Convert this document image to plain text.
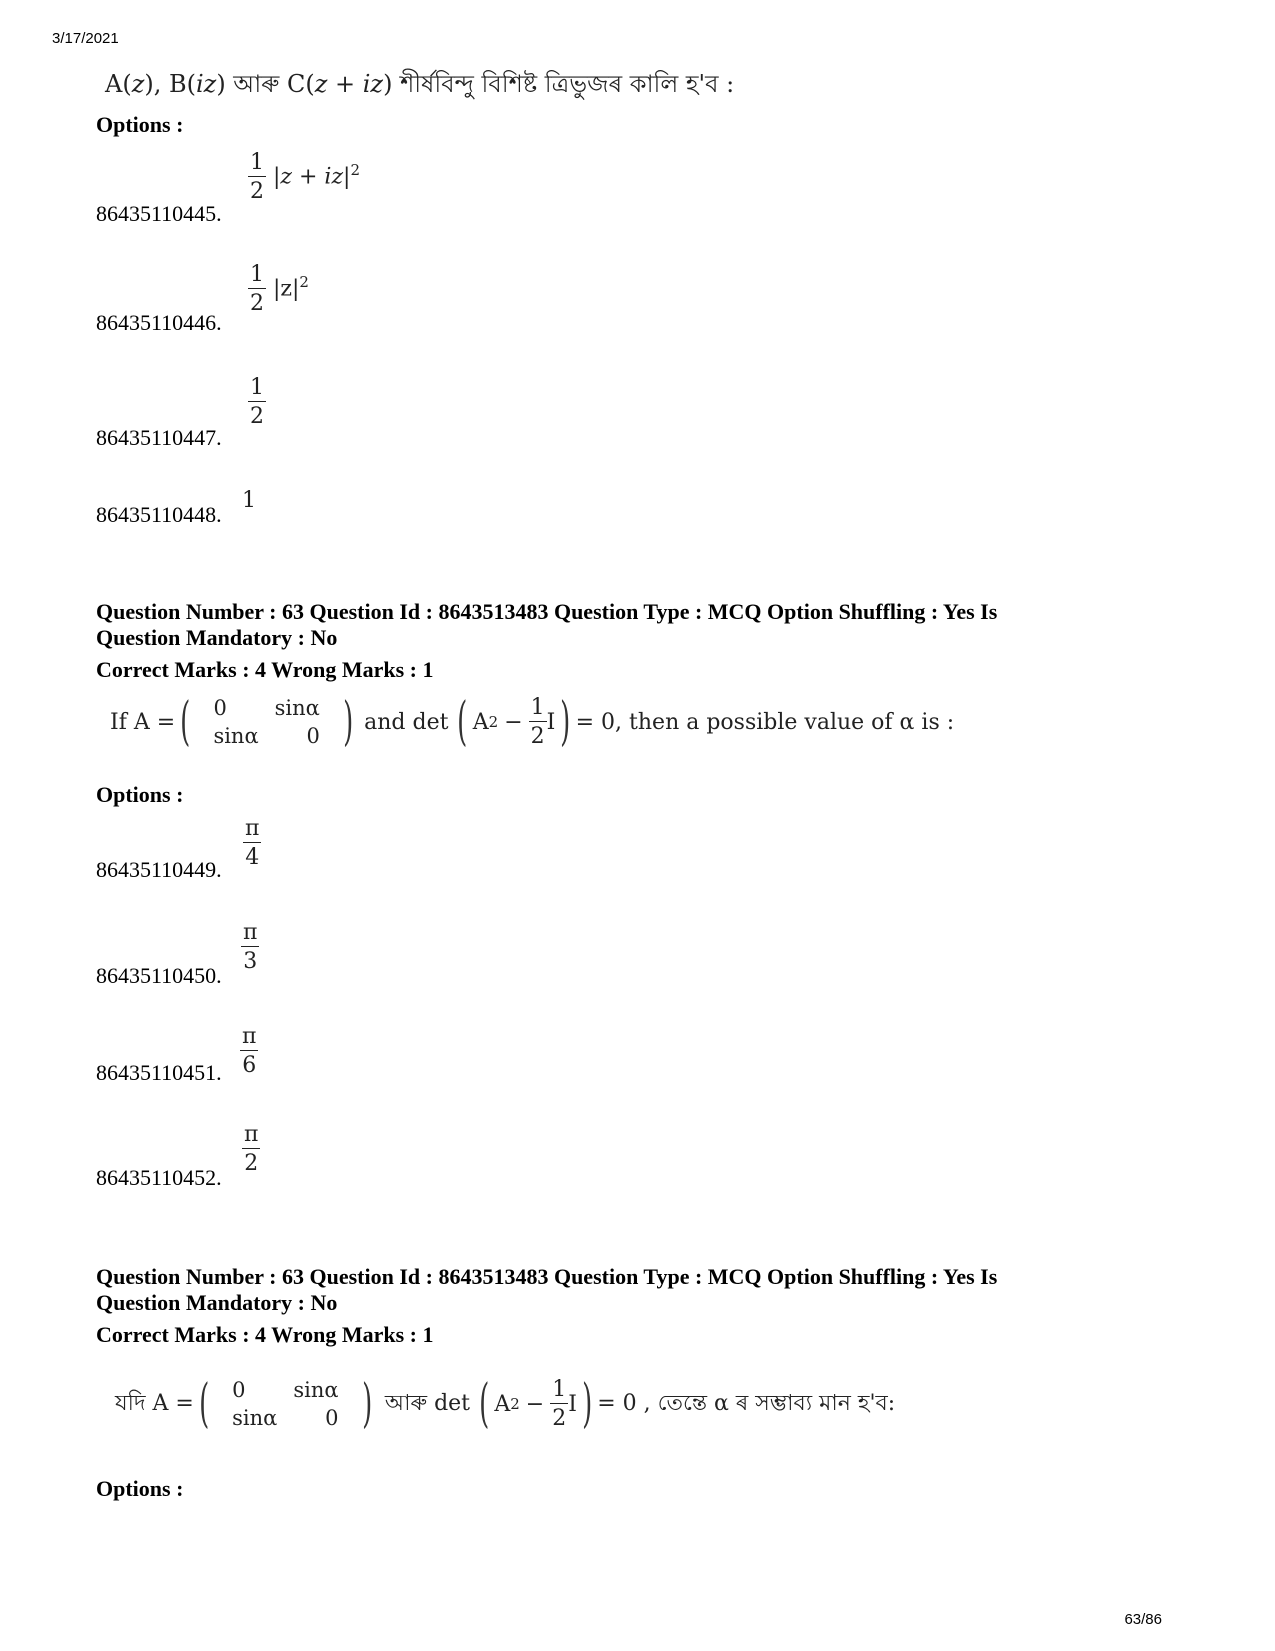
3/17/2021
63/86
A(z), B(iz) আৰু C(z + iz) শীৰ্ষবিন্দু বিশিষ্ট ত্ৰিভুজৰ কালি হ'ব :
Options :
86435110445.
$\frac{1}{2} |z + iz|^2$
86435110446.
$\frac{1}{2} |z|^2$
86435110447.
$\frac{1}{2}$
86435110448.
1
Question Number : 63 Question Id : 8643513483 Question Type : MCQ Option Shuffling : Yes Is
Question Mandatory : No
Correct Marks : 4 Wrong Marks : 1
If A = ( 0	sinα
sinα	0 ) and det ( A $2 - \frac{1}{2}$ I ) = 0, then a possible value of α is :
Options :
86435110449.
$\frac{\pi}{4}$
86435110450.
$\frac{\pi}{3}$
86435110451. $\frac{\pi}{6}$
86435110452.
$\frac{\pi}{2}$
Question Number : 63 Question Id : 8643513483 Question Type : MCQ Option Shuffling : Yes Is
Question Mandatory : No
Correct Marks : 4 Wrong Marks : 1
যদি A = ( 0	sinα
sinα	0 ) আৰু det ( A $2 - \frac{1}{2}$ I ) = 0 , তেন্তে α ৰ সম্ভাব্য মান হ'ব:
Options :
